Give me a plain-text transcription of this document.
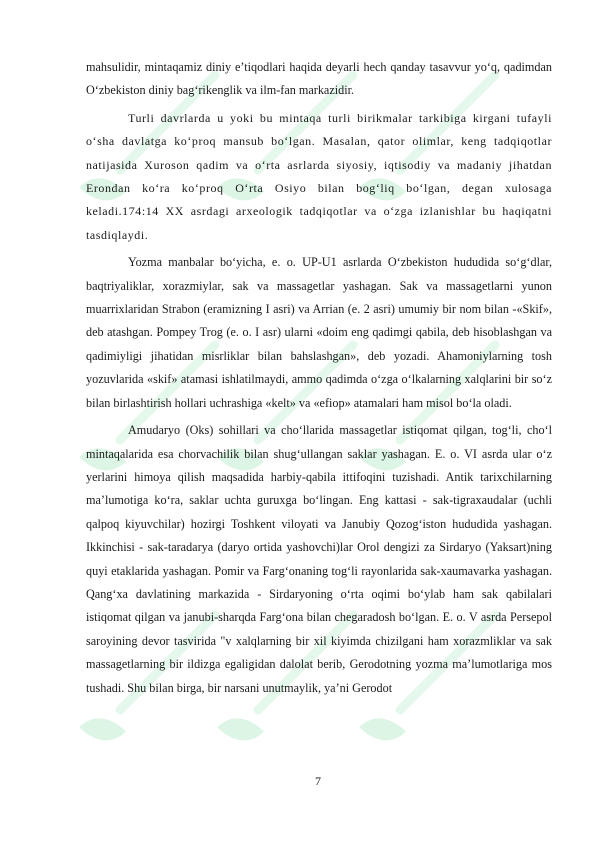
mahsulidir, mintaqamiz diniy e’tiqodlari haqida deyarli hech qanday tasavvur yo‘q, qadimdan O‘zbekiston diniy bag‘rikenglik va ilm-fan markazidir.

Turli davrlarda u yoki bu mintaqa turli birikmalar tarkibiga kirgani tufayli o‘sha davlatga ko‘proq mansub bo‘lgan. Masalan, qator olimlar, keng tadqiqotlar natijasida Xuroson qadim va o‘rta asrlarda siyosiy, iqtisodiy va madaniy jihatdan Erondan ko‘ra ko‘proq O‘rta Osiyo bilan bog‘liq bo‘lgan, degan xulosaga keladi.174:14 XX asrdagi arxeologik tadqiqotlar va o‘zga izlanishlar bu haqiqatni tasdiqlaydi.

Yozma manbalar bo‘yicha, e. o. UP-U1 asrlarda O‘zbekiston hududida so‘g‘dlar, baqtriyaliklar, xorazmiylar, sak va massagetlar yashagan. Sak va massagetlarni yunon muarrixlaridan Strabon (eramizning I asri) va Arrian (e. 2 asri) umumiy bir nom bilan -«Skif», deb atashgan. Pompey Trog (e. o. I asr) ularni «doim eng qadimgi qabila, deb hisoblashgan va qadimiyligi jihatidan misrliklar bilan bahslashgan», deb yozadi. Ahamoniylarning tosh yozuvlarida «skif» atamasi ishlatilmaydi, ammo qadimda o‘zga o‘lkalarning xalqlarini bir so‘z bilan birlashtirish hollari uchrashiga «kelt» va «efiop» atamalari ham misol bo‘la oladi.

Amudaryo (Oks) sohillari va cho‘llarida massagetlar istiqomat qilgan, tog‘li, cho‘l mintaqalarida esa chorvachilik bilan shug‘ullangan saklar yashagan. E. o. VI asrda ular o‘z yerlarini himoya qilish maqsadida harbiy-qabila ittifoqini tuzishadi. Antik tarixchilarning ma’lumotiga ko‘ra, saklar uchta guruxga bo‘lingan. Eng kattasi - sak-tigraxaudalar (uchli qalpoq kiyuvchilar) hozirgi Toshkent viloyati va Janubiy Qozog‘iston hududida yashagan. Ikkinchisi - sak-taradarya (daryo ortida yashovchi)lar Orol dengizi za Sirdaryo (Yaksart)ning quyi etaklarida yashagan. Pomir va Farg‘onaning tog‘li rayonlarida sak-xaumavarka yashagan. Qang‘xa davlatining markazida - Sirdaryoning o‘rta oqimi bo‘ylab ham sak qabilalari istiqomat qilgan va janubi-sharqda Farg‘ona bilan chegaradosh bo‘lgan. E. o. V asrda Persepol saroyining devor tasvirida "v xalqlarning bir xil kiyimda chizilgani ham xorazmliklar va sak massagetlarning bir ildizga egaligidan dalolat berib, Gerodotning yozma ma’lumotlariga mos tushadi. Shu bilan birga, bir narsani unutmaylik, ya’ni Gerodot

7
